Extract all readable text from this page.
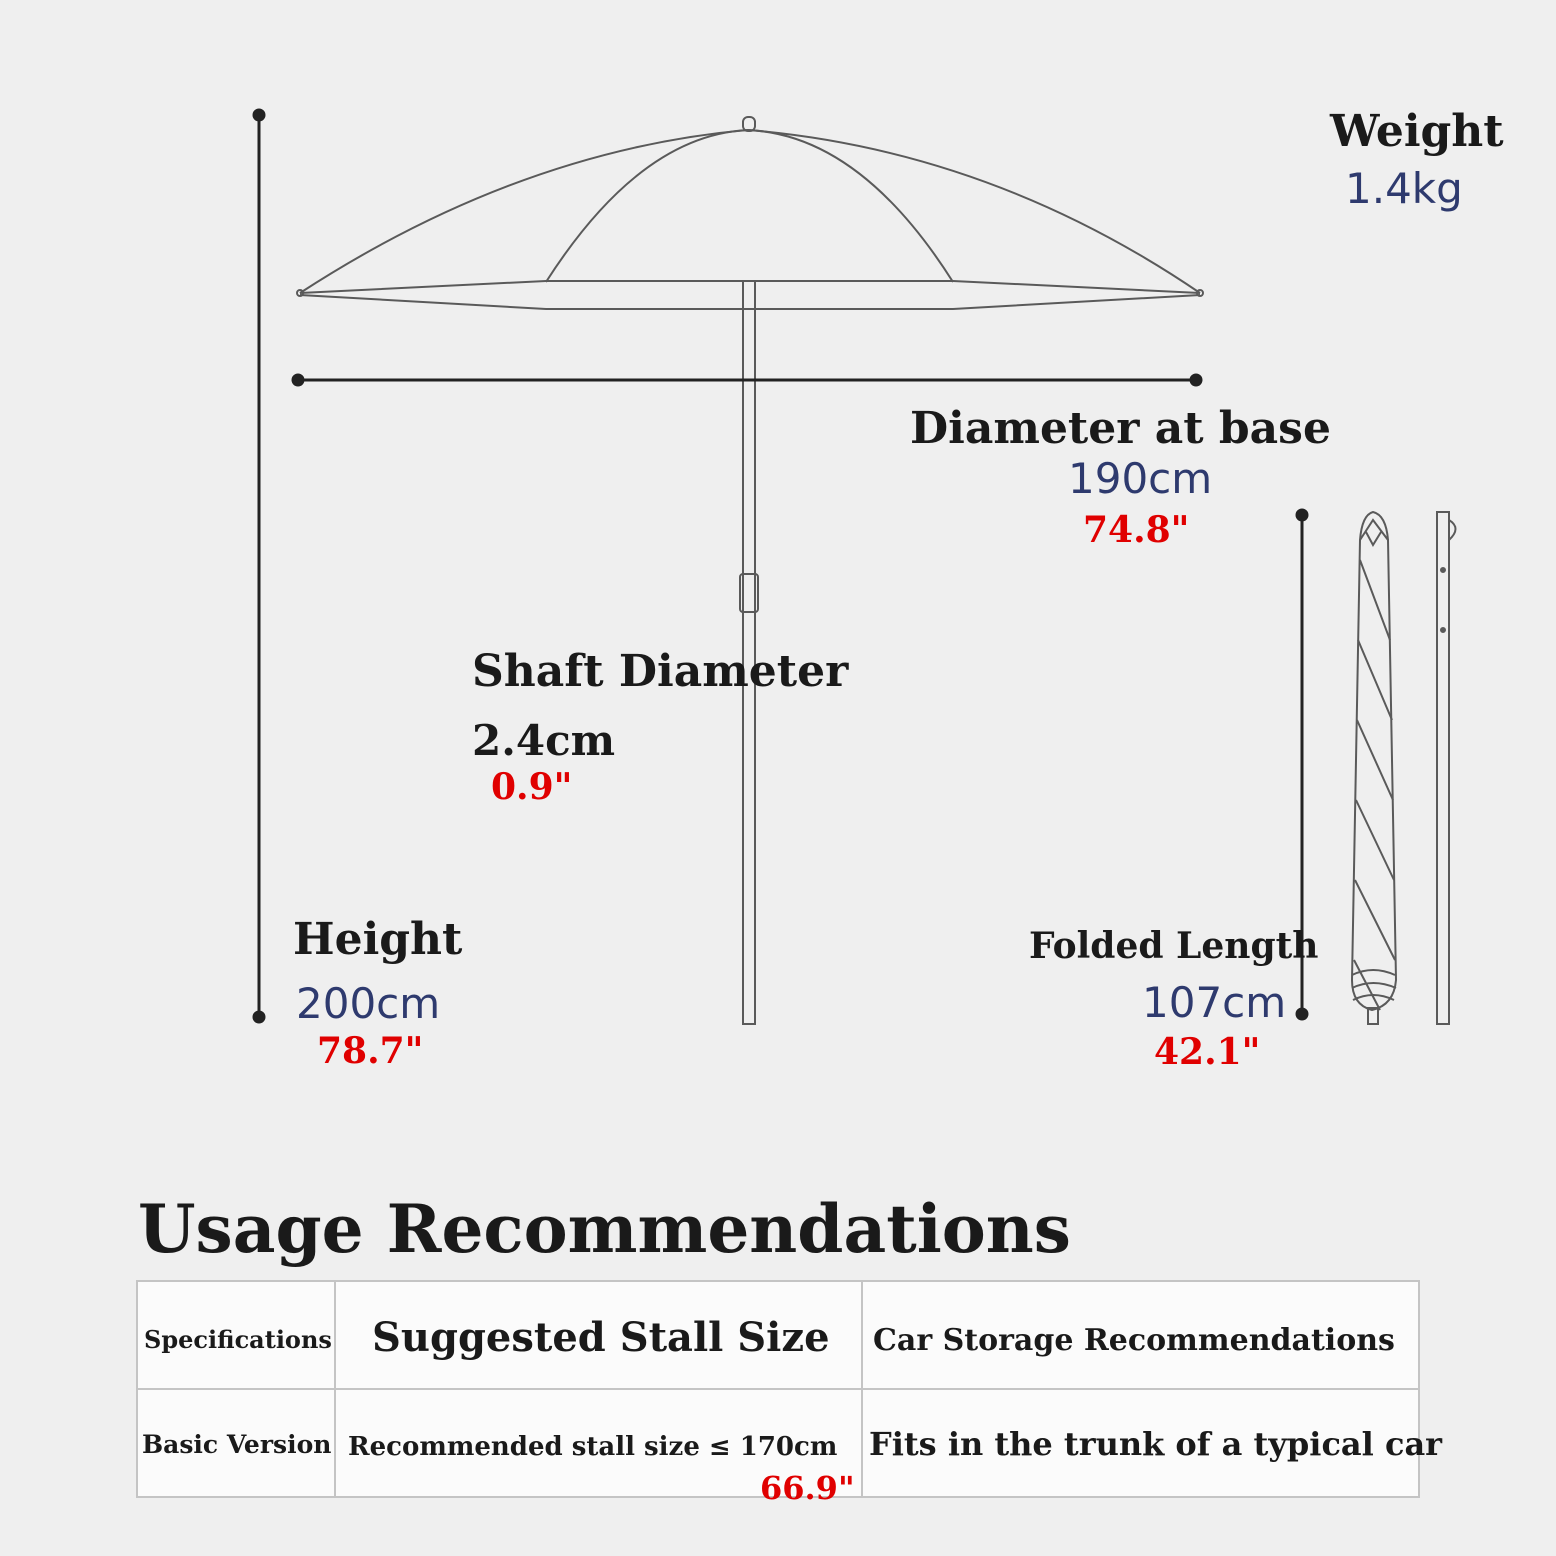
Weight
1.4kg
Diameter at base
190cm
74.8"
Shaft Diameter
2.4cm
0.9"
Height
200cm
78.7"
Folded Length
107cm
42.1"
Usage Recommendations
Specifications Suggested Stall Size Car Storage Recommendations
Basic Version Recommended stall size ≤ 170cm
66.9"
Fits in the trunk of a typical car
